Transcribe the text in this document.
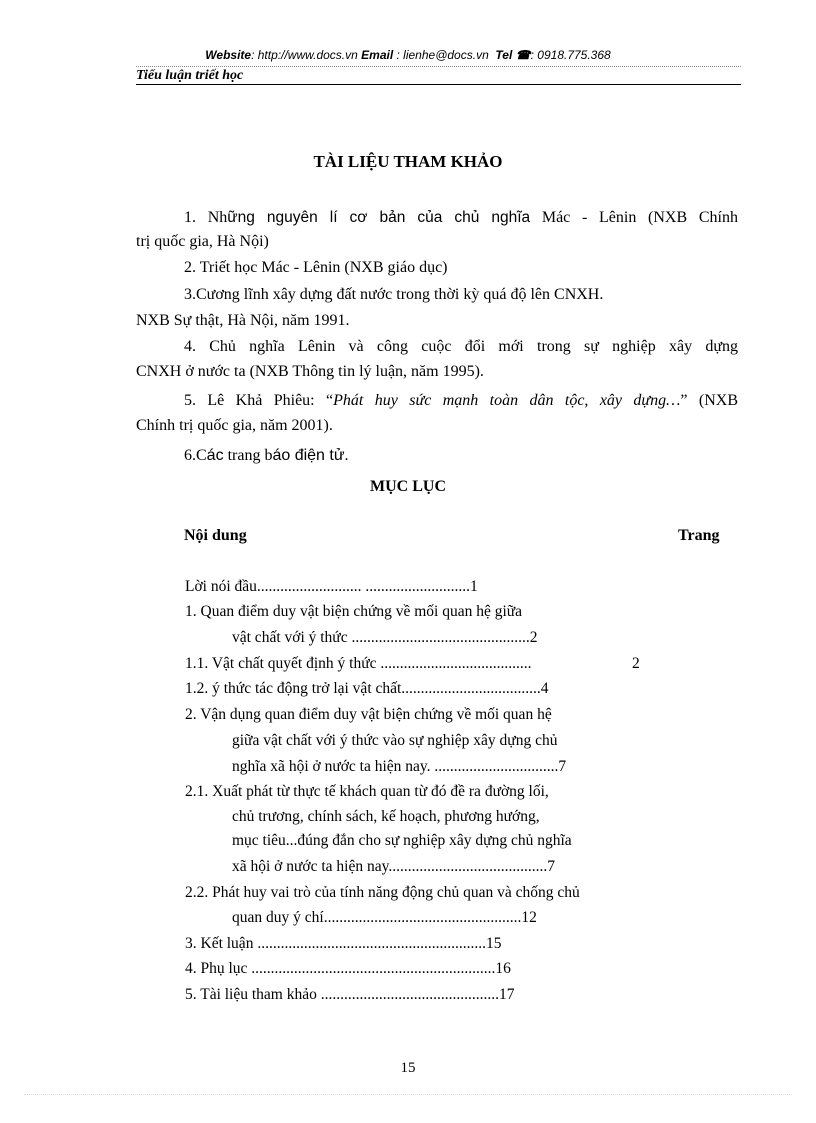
Website: http://www.docs.vn Email : lienhe@docs.vn Tel ☎: 0918.775.368
Tiểu luận triết học
TÀI LIỆU THAM KHẢO
1. Những nguyên lí cơ bản của chủ nghĩa Mác - Lênin (NXB Chính
trị quốc gia, Hà Nội)
2. Triết học Mác - Lênin (NXB giáo dục)
3.Cương lĩnh xây dựng đất nước trong thời kỳ quá độ lên CNXH.
NXB Sự thật, Hà Nội, năm 1991.
4. Chủ nghĩa Lênin và công cuộc đổi mới trong sự nghiệp xây dựng
CNXH ở nước ta (NXB Thông tin lý luận, năm 1995).
5. Lê Khả Phiêu: “Phát huy sức mạnh toàn dân tộc, xây dựng…” (NXB
Chính trị quốc gia, năm 2001).
6.Các trang báo điện tử.
MỤC LỤC
Nội dung	Trang
Lời nói đầu........................... ...........................1
1. Quan điểm duy vật biện chứng về mối quan hệ giữa
vật chất với ý thức ..............................................2
1.1. Vật chất quyết định ý thức .......................................	2
1.2. ý thức tác động trở lại vật chất....................................4
2. Vận dụng quan điểm duy vật biện chứng về mối quan hệ
giữa vật chất với ý thức vào sự nghiệp xây dựng chủ
nghĩa xã hội ở nước ta hiện nay. ................................7
2.1. Xuất phát từ thực tế khách quan từ đó đề ra đường lối,
chủ trương, chính sách, kế hoạch, phương hướng,
mục tiêu...đúng đắn cho sự nghiệp xây dựng chủ nghĩa
xã hội ở nước ta hiện nay.........................................7
2.2. Phát huy vai trò của tính năng động chủ quan và chống chủ
quan duy ý chí...................................................12
3. Kết luận ...........................................................15
4. Phụ lục ...............................................................16
5. Tài liệu tham khảo ..............................................17
15
